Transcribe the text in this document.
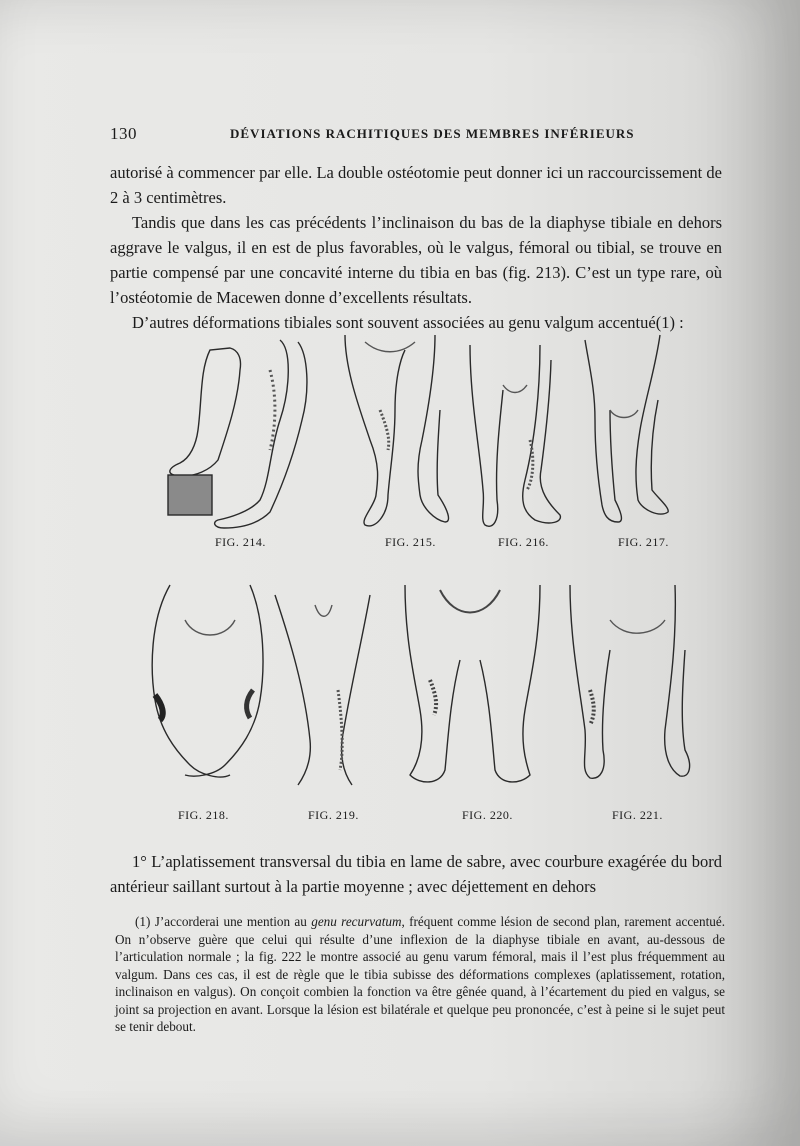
130	DÉVIATIONS RACHITIQUES DES MEMBRES INFÉRIEURS
autorisé à commencer par elle. La double ostéotomie peut donner ici un raccourcissement de 2 à 3 centimètres.
Tandis que dans les cas précédents l’inclinaison du bas de la diaphyse tibiale en dehors aggrave le valgus, il en est de plus favorables, où le valgus, fémoral ou tibial, se trouve en partie compensé par une concavité interne du tibia en bas (fig. 213). C’est un type rare, où l’ostéotomie de Macewen donne d’excellents résultats.
D’autres déformations tibiales sont souvent associées au genu valgum accentué(1) :
FIG. 214.	FIG. 215.	FIG. 216.	FIG. 217.
FIG. 218.	FIG. 219.	FIG. 220.	FIG. 221.
1° L’aplatissement transversal du tibia en lame de sabre, avec courbure exagérée du bord antérieur saillant surtout à la partie moyenne ; avec déjettement en dehors
(1) J’accorderai une mention au genu recurvatum, fréquent comme lésion de second plan, rarement accentué. On n’observe guère que celui qui résulte d’une inflexion de la diaphyse tibiale en avant, au-dessous de l’articulation normale ; la fig. 222 le montre associé au genu varum fémoral, mais il l’est plus fréquemment au valgum. Dans ces cas, il est de règle que le tibia subisse des déformations complexes (aplatissement, rotation, inclinaison en valgus). On conçoit combien la fonction va être gênée quand, à l’écartement du pied en valgus, se joint sa projection en avant. Lorsque la lésion est bilatérale et quelque peu prononcée, c’est à peine si le sujet peut se tenir debout.
